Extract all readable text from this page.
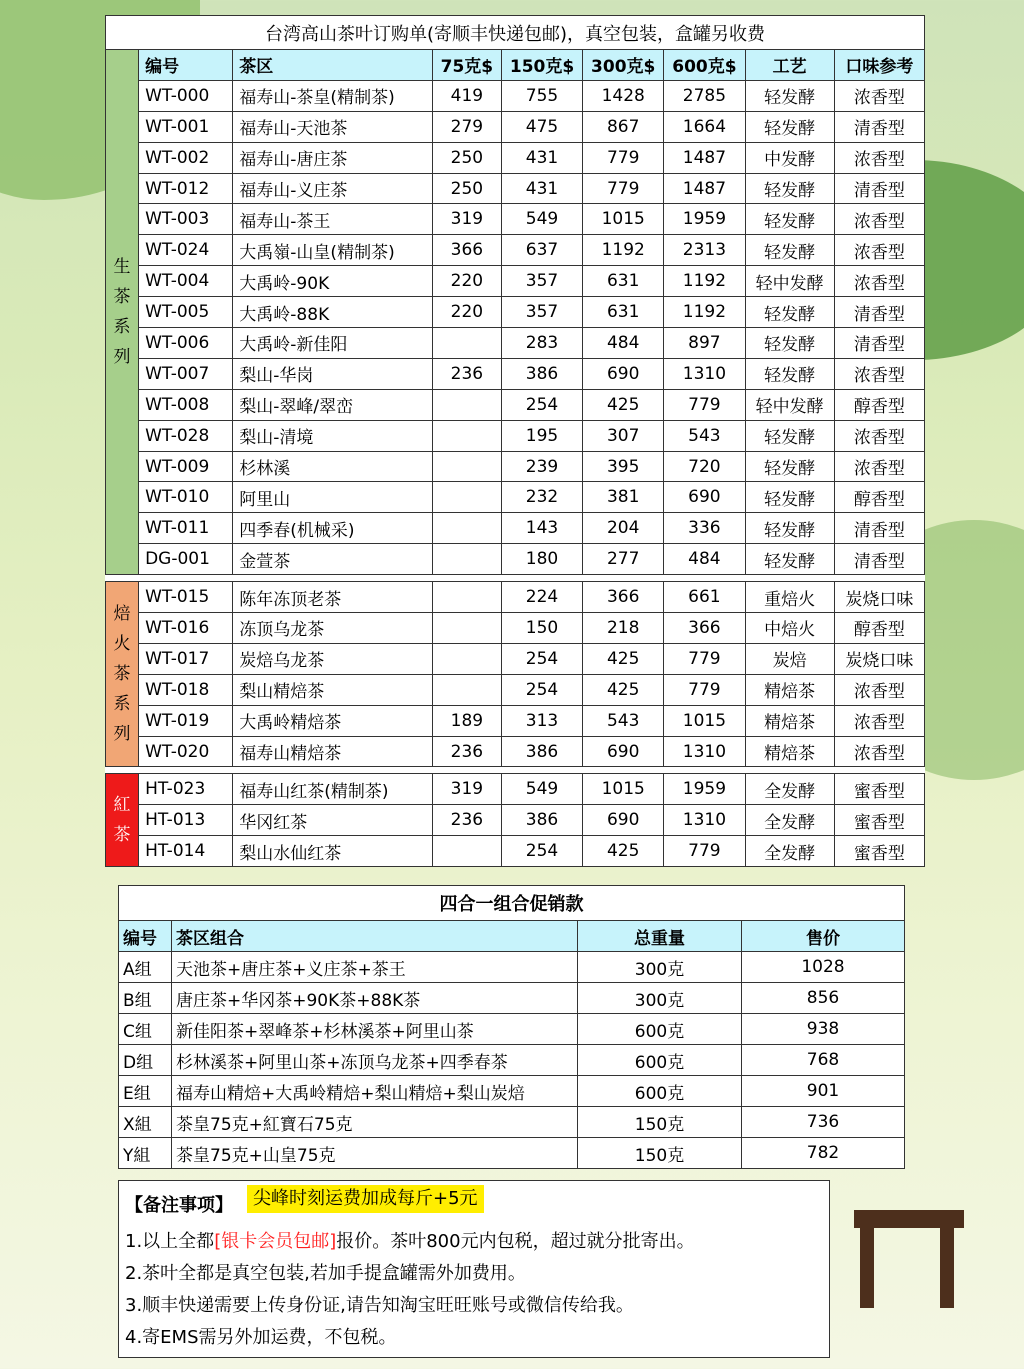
台湾高山茶叶订购单(寄顺丰快递包邮)，真空包装，盒罐另收费								
生茶系列	编号	茶区	75克$	150克$	300克$	600克$	工艺	口味参考
	WT-000	福寿山-茶皇(精制茶)	419	755	1428	2785	轻发酵	浓香型
	WT-001	福寿山-天池茶	279	475	867	1664	轻发酵	清香型
	WT-002	福寿山-唐庄茶	250	431	779	1487	中发酵	浓香型
	WT-012	福寿山-义庄茶	250	431	779	1487	轻发酵	清香型
	WT-003	福寿山-茶王	319	549	1015	1959	轻发酵	浓香型
	WT-024	大禹嶺-山皇(精制茶)	366	637	1192	2313	轻发酵	浓香型
	WT-004	大禹岭-90K	220	357	631	1192	轻中发酵	浓香型
	WT-005	大禹岭-88K	220	357	631	1192	轻发酵	清香型
	WT-006	大禹岭-新佳阳		283	484	897	轻发酵	清香型
	WT-007	梨山-华岗	236	386	690	1310	轻发酵	浓香型
	WT-008	梨山-翠峰/翠峦		254	425	779	轻中发酵	醇香型
	WT-028	梨山-清境		195	307	543	轻发酵	浓香型
	WT-009	杉林溪		239	395	720	轻发酵	浓香型
	WT-010	阿里山		232	381	690	轻发酵	醇香型
	WT-011	四季春(机械采)		143	204	336	轻发酵	清香型
	DG-001	金萱茶		180	277	484	轻发酵	清香型

焙火茶系列	WT-015	陈年冻顶老茶		224	366	661	重焙火	炭烧口味
	WT-016	冻顶乌龙茶		150	218	366	中焙火	醇香型
	WT-017	炭焙乌龙茶		254	425	779	炭焙	炭烧口味
	WT-018	梨山精焙茶		254	425	779	精焙茶	浓香型
	WT-019	大禹岭精焙茶	189	313	543	1015	精焙茶	浓香型
	WT-020	福寿山精焙茶	236	386	690	1310	精焙茶	浓香型

紅茶	HT-023	福寿山红茶(精制茶)	319	549	1015	1959	全发酵	蜜香型
	HT-013	华冈红茶	236	386	690	1310	全发酵	蜜香型
	HT-014	梨山水仙红茶		254	425	779	全发酵	蜜香型
四合一组合促销款			
编号	茶区组合	总重量	售价
A组	天池茶+唐庄茶+义庄茶+茶王	300克	1028
B组	唐庄茶+华冈茶+90K茶+88K茶	300克	856
C组	新佳阳茶+翠峰茶+杉林溪茶+阿里山茶	600克	938
D组	杉林溪茶+阿里山茶+冻顶乌龙茶+四季春茶	600克	768
E组	福寿山精焙+大禹岭精焙+梨山精焙+梨山炭焙	600克	901
X組	茶皇75克+紅寶石75克	150克	736
Y組	茶皇75克+山皇75克	150克	782
【备注事项】	尖峰时刻运费加成每斤+5元
1.以上全都[银卡会员包邮]报价。茶叶800元内包税，超过就分批寄出。
2.茶叶全都是真空包装,若加手提盒罐需外加费用。
3.顺丰快递需要上传身份证,请告知淘宝旺旺账号或微信传给我。
4.寄EMS需另外加运费，不包税。
